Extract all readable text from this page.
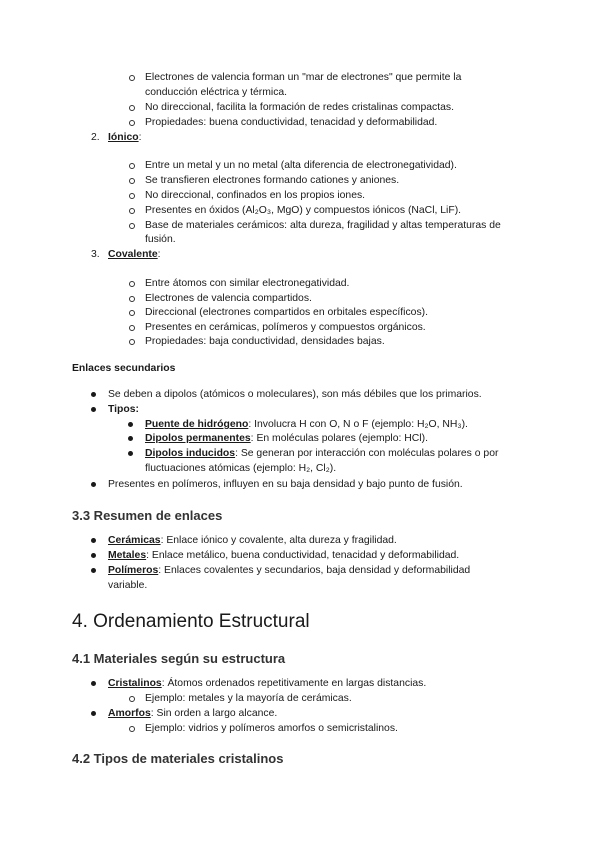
Electrones de valencia forman un "mar de electrones" que permite la
conducción eléctrica y térmica.
No direccional, facilita la formación de redes cristalinas compactas.
Propiedades: buena conductividad, tenacidad y deformabilidad.
2. Iónico:
Entre un metal y un no metal (alta diferencia de electronegatividad).
Se transfieren electrones formando cationes y aniones.
No direccional, confinados en los propios iones.
Presentes en óxidos (Al₂O₃, MgO) y compuestos iónicos (NaCl, LiF).
Base de materiales cerámicos: alta dureza, fragilidad y altas temperaturas de
fusión.
3. Covalente:
Entre átomos con similar electronegatividad.
Electrones de valencia compartidos.
Direccional (electrones compartidos en orbitales específicos).
Presentes en cerámicas, polímeros y compuestos orgánicos.
Propiedades: baja conductividad, densidades bajas.
Enlaces secundarios
Se deben a dipolos (atómicos o moleculares), son más débiles que los primarios.
Tipos:
Puente de hidrógeno: Involucra H con O, N o F (ejemplo: H₂O, NH₃).
Dipolos permanentes: En moléculas polares (ejemplo: HCl).
Dipolos inducidos: Se generan por interacción con moléculas polares o por
fluctuaciones atómicas (ejemplo: H₂, Cl₂).
Presentes en polímeros, influyen en su baja densidad y bajo punto de fusión.
3.3 Resumen de enlaces
Cerámicas: Enlace iónico y covalente, alta dureza y fragilidad.
Metales: Enlace metálico, buena conductividad, tenacidad y deformabilidad.
Polímeros: Enlaces covalentes y secundarios, baja densidad y deformabilidad
variable.
4. Ordenamiento Estructural
4.1 Materiales según su estructura
Cristalinos: Átomos ordenados repetitivamente en largas distancias.
Ejemplo: metales y la mayoría de cerámicas.
Amorfos: Sin orden a largo alcance.
Ejemplo: vidrios y polímeros amorfos o semicristalinos.
4.2 Tipos de materiales cristalinos
